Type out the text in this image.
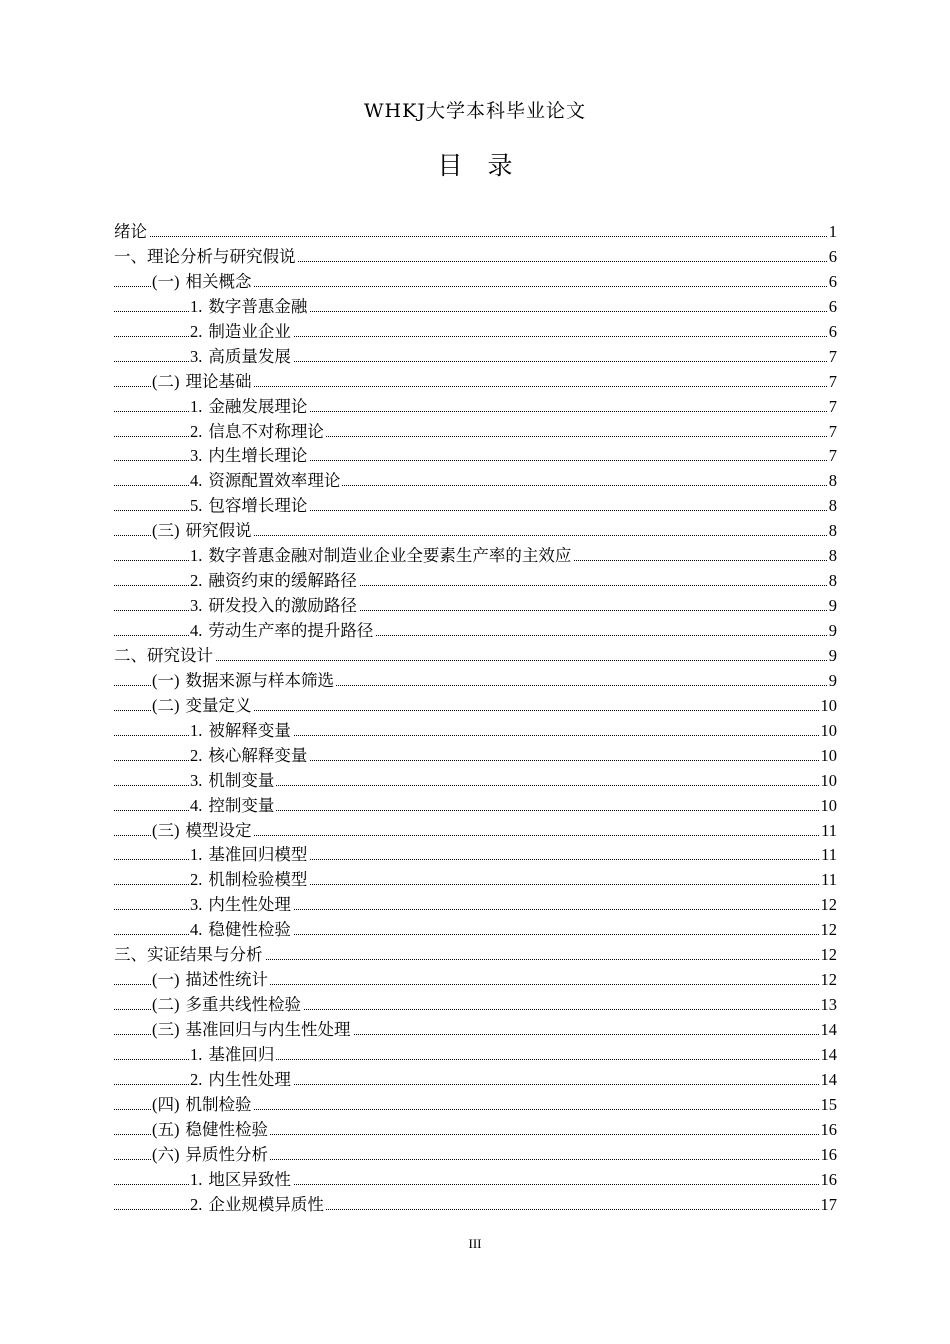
WHKJ大学本科毕业论文
目　录
绪论	1
一、理论分析与研究假说	6
(一) 相关概念	6
1. 数字普惠金融	6
2. 制造业企业	6
3. 高质量发展	7
(二) 理论基础	7
1. 金融发展理论	7
2. 信息不对称理论	7
3. 内生增长理论	7
4. 资源配置效率理论	8
5. 包容增长理论	8
(三) 研究假说	8
1. 数字普惠金融对制造业企业全要素生产率的主效应	8
2. 融资约束的缓解路径	8
3. 研发投入的激励路径	9
4. 劳动生产率的提升路径	9
二、研究设计	9
(一) 数据来源与样本筛选	9
(二) 变量定义	10
1. 被解释变量	10
2. 核心解释变量	10
3. 机制变量	10
4. 控制变量	10
(三) 模型设定	11
1. 基准回归模型	11
2. 机制检验模型	11
3. 内生性处理	12
4. 稳健性检验	12
三、实证结果与分析	12
(一) 描述性统计	12
(二) 多重共线性检验	13
(三) 基准回归与内生性处理	14
1. 基准回归	14
2. 内生性处理	14
(四) 机制检验	15
(五) 稳健性检验	16
(六) 异质性分析	16
1. 地区异致性	16
2. 企业规模异质性	17
III
